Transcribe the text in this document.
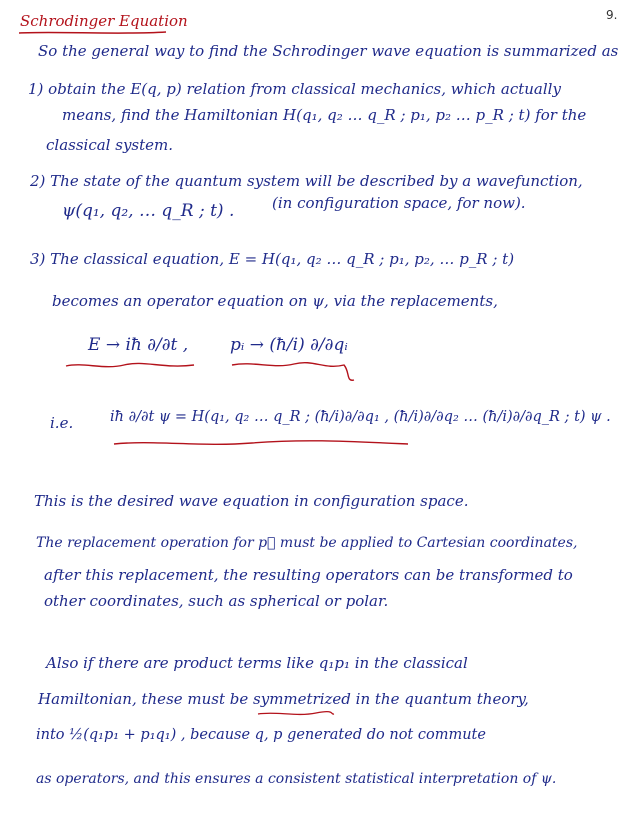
9.
Schrodinger Equation
So the general way to find the Schrodinger wave equation is summarized as
1) obtain the E(q, p) relation from classical mechanics, which actually
means, find the Hamiltonian H(q₁, q₂ … q_R ; p₁, p₂ … p_R ; t) for the
classical system.
2) The state of the quantum system will be described by a wavefunction,
ψ(q₁, q₂, … q_R ; t) .	(in configuration space, for now).
3) The classical equation, E = H(q₁, q₂ … q_R ; p₁, p₂, … p_R ; t)
becomes an operator equation on ψ, via the replacements,
E → iħ ∂/∂t , pᵢ → (ħ/i) ∂/∂qᵢ
i.e.	iħ ∂/∂t ψ = H(q₁, q₂ … q_R ; (ħ/i)∂/∂q₁ , (ħ/i)∂/∂q₂ … (ħ/i)∂/∂q_R ; t) ψ .
This is the desired wave equation in configuration space.
The replacement operation for p⃗ must be applied to Cartesian coordinates,
after this replacement, the resulting operators can be transformed to
other coordinates, such as spherical or polar.
Also if there are product terms like q₁p₁ in the classical
Hamiltonian, these must be symmetrized in the quantum theory,
into ½(q₁p₁ + p₁q₁) , because q, p generated do not commute
as operators, and this ensures a consistent statistical interpretation of ψ.
